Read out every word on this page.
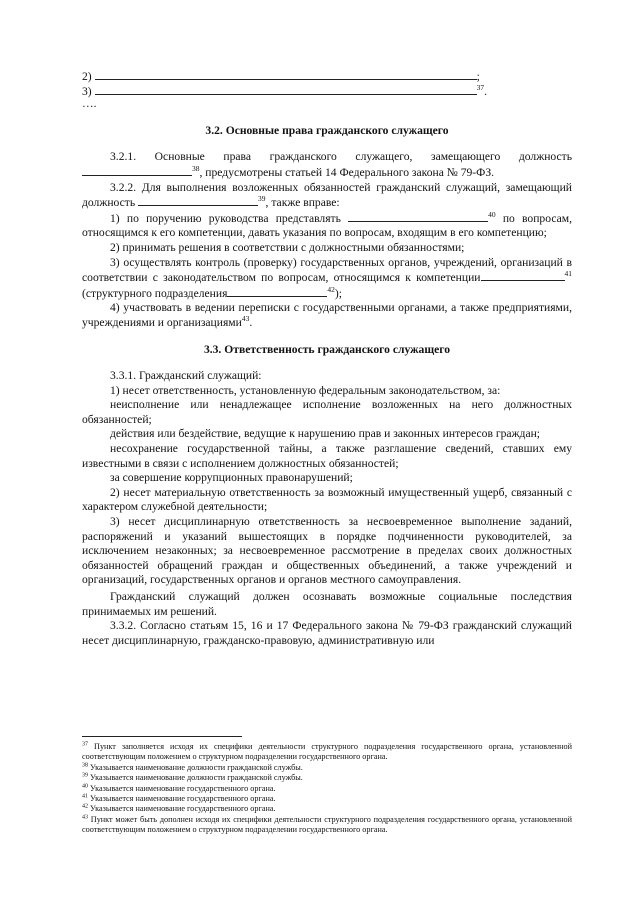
2)	;
3)	$^{37}$.
….
3.2. Основные права гражданского служащего

3.2.1. Основные права гражданского служащего, замещающего должность $^{38}$, предусмотрены статьей 14 Федерального закона № 79-ФЗ.

3.2.2. Для выполнения возложенных обязанностей гражданский служащий, замещающий должность	$^{39}$, также вправе:

1) по поручению руководства представлять	$^{40}$ по вопросам, относящимся к его компетенции, давать указания по вопросам, входящим в его компетенцию;

2) принимать решения в соответствии с должностными обязанностями;

3) осуществлять контроль (проверку) государственных органов, учреждений, организаций в соответствии с законодательством по вопросам, относящимся к компетенции	$^{41}$ (структурного подразделения	$^{42}$);

4) участвовать в ведении переписки с государственными органами, а также предприятиями, учреждениями и организациями$^{43}$.

3.3. Ответственность гражданского служащего

3.3.1. Гражданский служащий:

1) несет ответственность, установленную федеральным законодательством, за:

неисполнение или ненадлежащее исполнение возложенных на него должностных обязанностей;

действия или бездействие, ведущие к нарушению прав и законных интересов граждан;

несохранение государственной тайны, а также разглашение сведений, ставших ему известными в связи с исполнением должностных обязанностей;

за совершение коррупционных правонарушений;

2) несет материальную ответственность за возможный имущественный ущерб, связанный с характером служебной деятельности;

3) несет дисциплинарную ответственность за несвоевременное выполнение заданий, распоряжений и указаний вышестоящих в порядке подчиненности руководителей, за исключением незаконных; за несвоевременное рассмотрение в пределах своих должностных обязанностей обращений граждан и общественных объединений, а также учреждений и организаций, государственных органов и органов местного самоуправления.

Гражданский служащий должен осознавать возможные социальные последствия принимаемых им решений.

3.3.2. Согласно статьям 15, 16 и 17 Федерального закона № 79-ФЗ гражданский служащий несет дисциплинарную, гражданско-правовую, административную или

$^{37}$ Пункт заполняется исходя их специфики деятельности структурного подразделения государственного органа, установленной соответствующим положением о структурном подразделении государственного органа.

$^{38}$ Указывается наименование должности гражданской службы.

$^{39}$ Указывается наименование должности гражданской службы.

$^{40}$ Указывается наименование государственного органа.

$^{41}$ Указывается наименование государственного органа.

$^{42}$ Указывается наименование государственного органа.

$^{43}$ Пункт может быть дополнен исходя их специфики деятельности структурного подразделения государственного органа, установленной соответствующим положением о структурном подразделении государственного органа.
